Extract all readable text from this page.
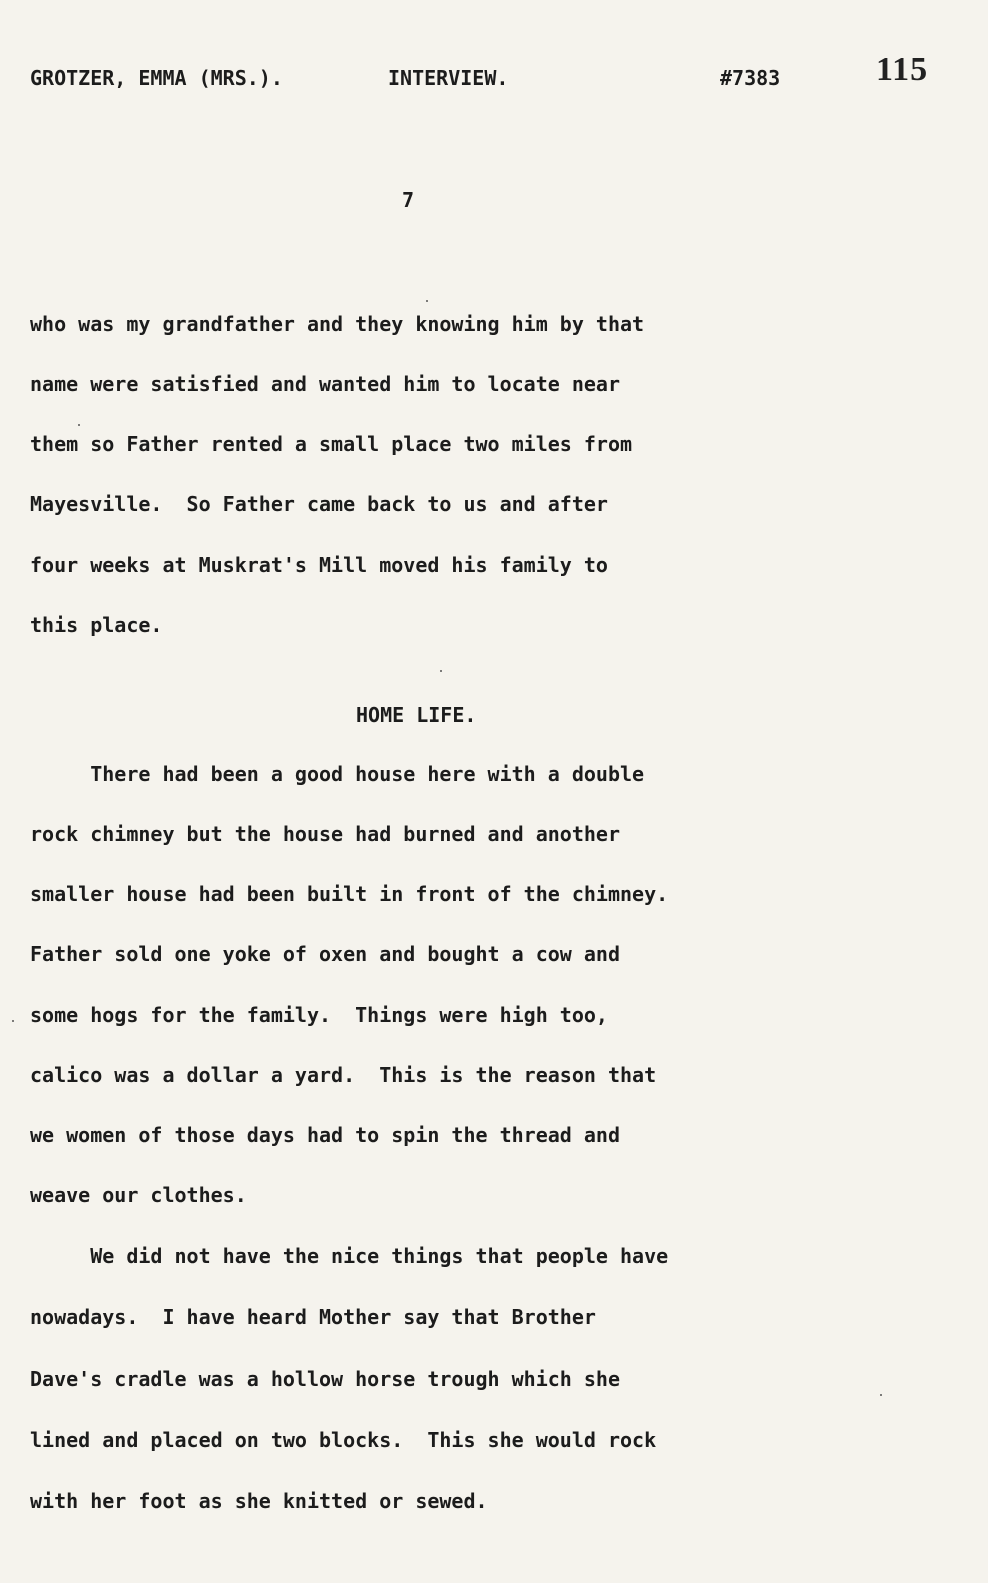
GROTZER, EMMA (MRS.).	INTERVIEW.	#7383	115
7
who was my grandfather and they knowing him by that
name were satisfied and wanted him to locate near
them so Father rented a small place two miles from
Mayesville.  So Father came back to us and after
four weeks at Muskrat's Mill moved his family to
this place.
HOME LIFE.
There had been a good house here with a double
rock chimney but the house had burned and another
smaller house had been built in front of the chimney.
Father sold one yoke of oxen and bought a cow and
some hogs for the family.  Things were high too,
calico was a dollar a yard.  This is the reason that
we women of those days had to spin the thread and
weave our clothes.
We did not have the nice things that people have
nowadays.  I have heard Mother say that Brother
Dave's cradle was a hollow horse trough which she
lined and placed on two blocks.  This she would rock
with her foot as she knitted or sewed.
